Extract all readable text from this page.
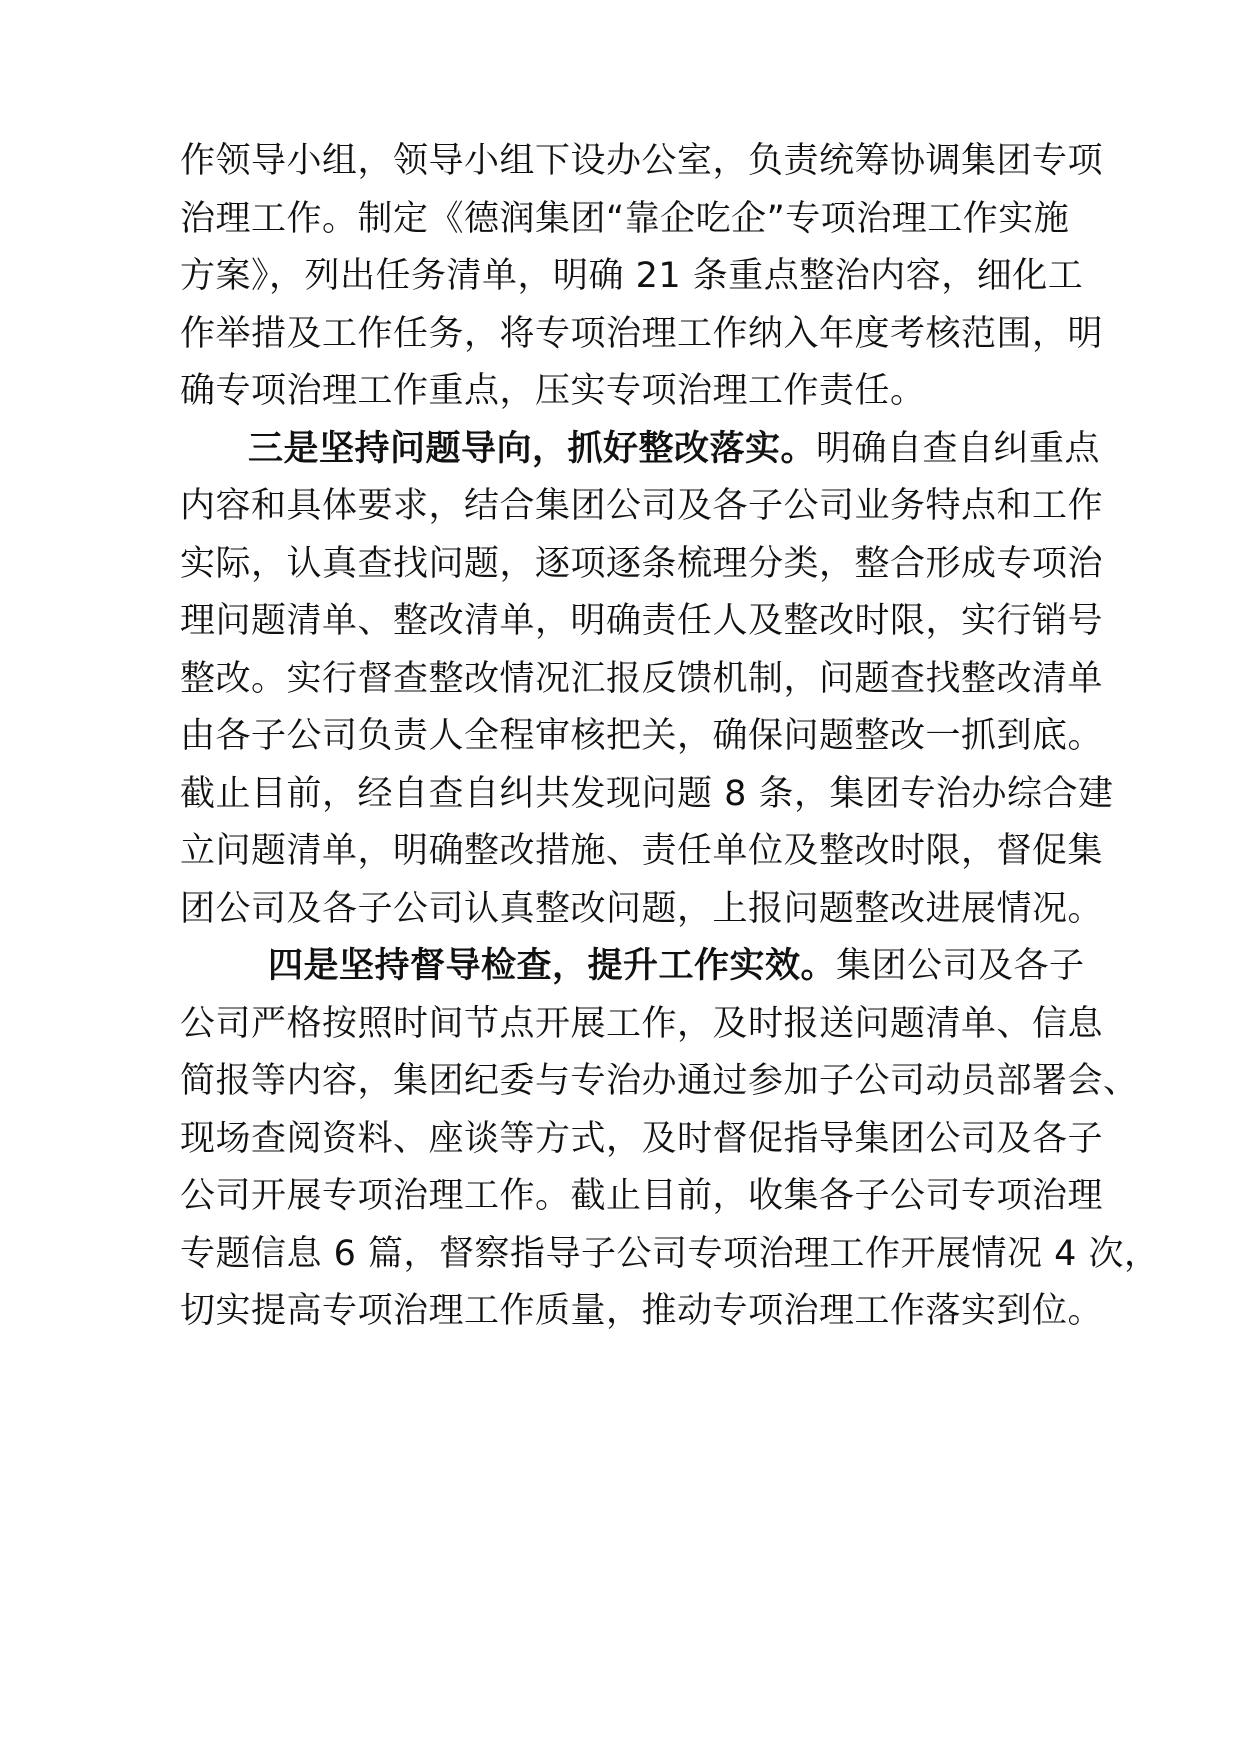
作领导小组，领导小组下设办公室，负责统筹协调集团专项
治理工作。制定《德润集团“靠企吃企”专项治理工作实施
方案》，列出任务清单，明确 21 条重点整治内容，细化工
作举措及工作任务，将专项治理工作纳入年度考核范围，明
确专项治理工作重点，压实专项治理工作责任。
三是坚持问题导向，抓好整改落实。明确自查自纠重点
内容和具体要求，结合集团公司及各子公司业务特点和工作
实际，认真查找问题，逐项逐条梳理分类，整合形成专项治
理问题清单、整改清单，明确责任人及整改时限，实行销号
整改。实行督查整改情况汇报反馈机制，问题查找整改清单
由各子公司负责人全程审核把关，确保问题整改一抓到底。
截止目前，经自查自纠共发现问题 8 条，集团专治办综合建
立问题清单，明确整改措施、责任单位及整改时限，督促集
团公司及各子公司认真整改问题，上报问题整改进展情况。
四是坚持督导检查，提升工作实效。集团公司及各子
公司严格按照时间节点开展工作，及时报送问题清单、信息
简报等内容，集团纪委与专治办通过参加子公司动员部署会、
现场查阅资料、座谈等方式，及时督促指导集团公司及各子
公司开展专项治理工作。截止目前，收集各子公司专项治理
专题信息 6 篇，督察指导子公司专项治理工作开展情况 4 次，
切实提高专项治理工作质量，推动专项治理工作落实到位。
